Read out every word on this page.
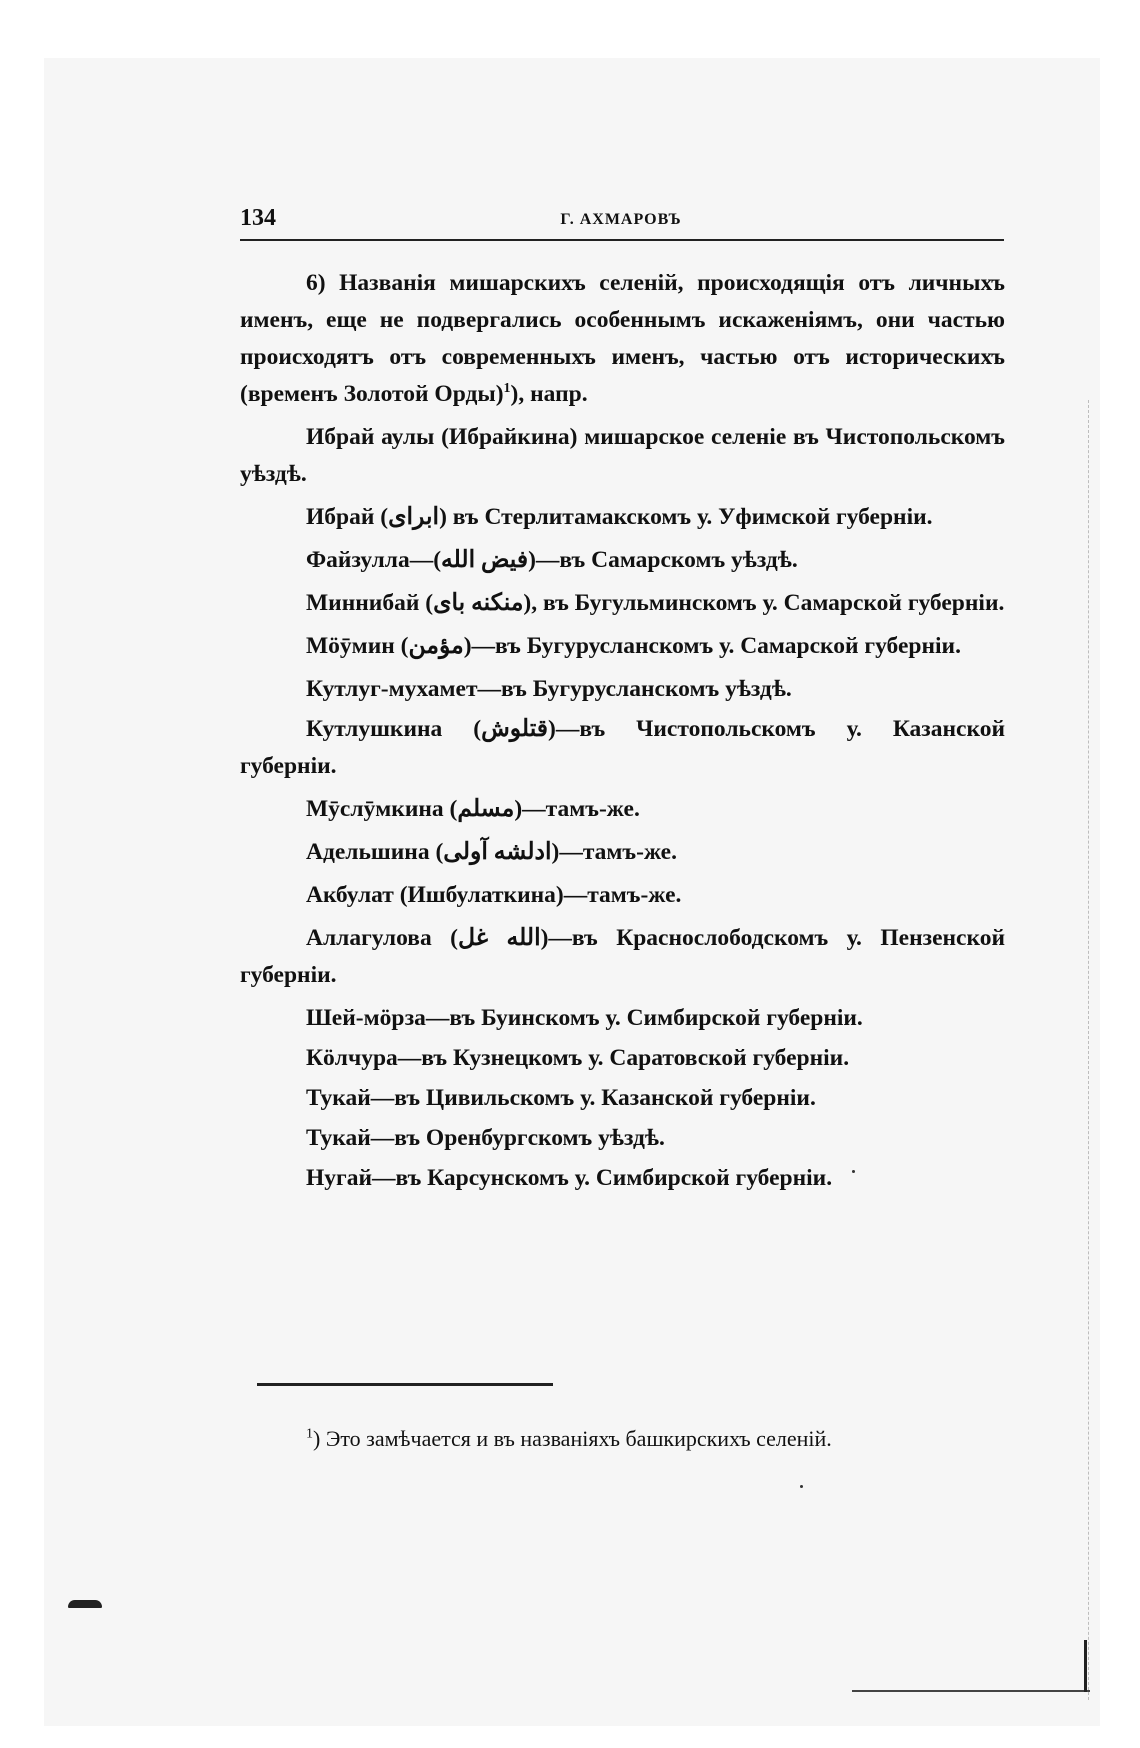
134	Г. АХМАРОВЪ

6) Названія мишарскихъ селеній, происходящія отъ личныхъ именъ, еще не подвергались особеннымъ искаженіямъ, они частью происходятъ отъ современныхъ именъ, частью отъ историческихъ (временъ Золотой Орды)$^1$), напр.

Ибрай аулы (Ибрайкина) мишарское селеніе въ Чистопольскомъ уѣздѣ.

Ибрай (ابرای) въ Стерлитамакскомъ у. Уфимской губерніи.

Файзулла—(فيض الله)—въ Самарскомъ уѣздѣ.

Миннибай (منكنه بای), въ Бугульминскомъ у. Самарской губерніи.

Мӧӯмин (مؤمن)—въ Бугурусланскомъ у. Самарской губерніи.

Кутлуг-мухамет—въ Бугурусланскомъ уѣздѣ.

Кутлушкина (قتلوش)—въ Чистопольскомъ у. Казанской губерніи.

Мӯслӯмкина (مسلم)—тамъ-же.

Адельшина (ادلشه آولی)—тамъ-же.

Акбулат (Ишбулаткина)—тамъ-же.

Аллагулова (الله غل)—въ Краснослободскомъ у. Пензенской губерніи.

Шей-мӧрза—въ Буинскомъ у. Симбирской губерніи.

Кӧлчура—въ Кузнецкомъ у. Саратовской губерніи.

Тукай—въ Цивильскомъ у. Казанской губерніи.

Тукай—въ Оренбургскомъ уѣздѣ.

Нугай—въ Карсунскомъ у. Симбирской губерніи.

$^1$) Это замѣчается и въ названіяхъ башкирскихъ селеній.
